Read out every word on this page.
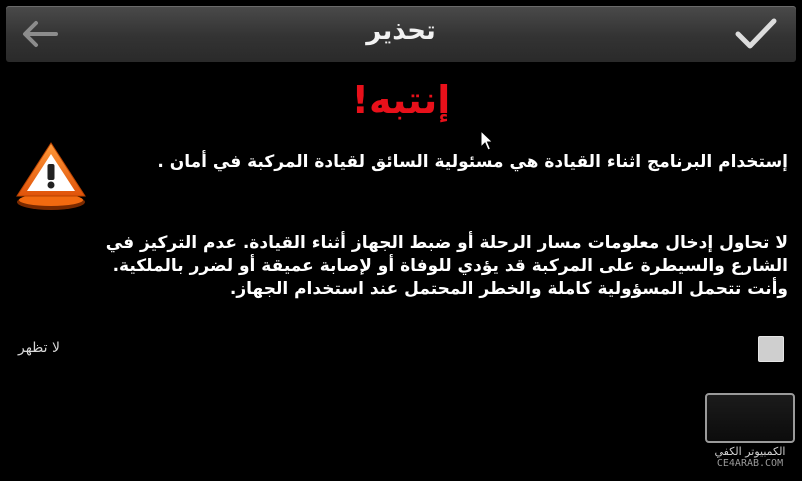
تحذير
إنتبه!
إستخدام البرنامج اثناء القيادة هي مسئولية السائق لقيادة المركبة في أمان .

لا تحاول إدخال معلومات مسار الرحلة أو ضبط الجهاز أثناء القيادة. عدم التركيز في

الشارع والسيطرة على المركبة قد يؤدي للوفاة أو لإصابة عميقة أو لضرر بالملكية.

وأنت تتحمل المسؤولية كاملة والخطر المحتمل عند استخدام الجهاز.

لا تظهر
الكمبيوتر الكفي
CE4ARAB.COM
